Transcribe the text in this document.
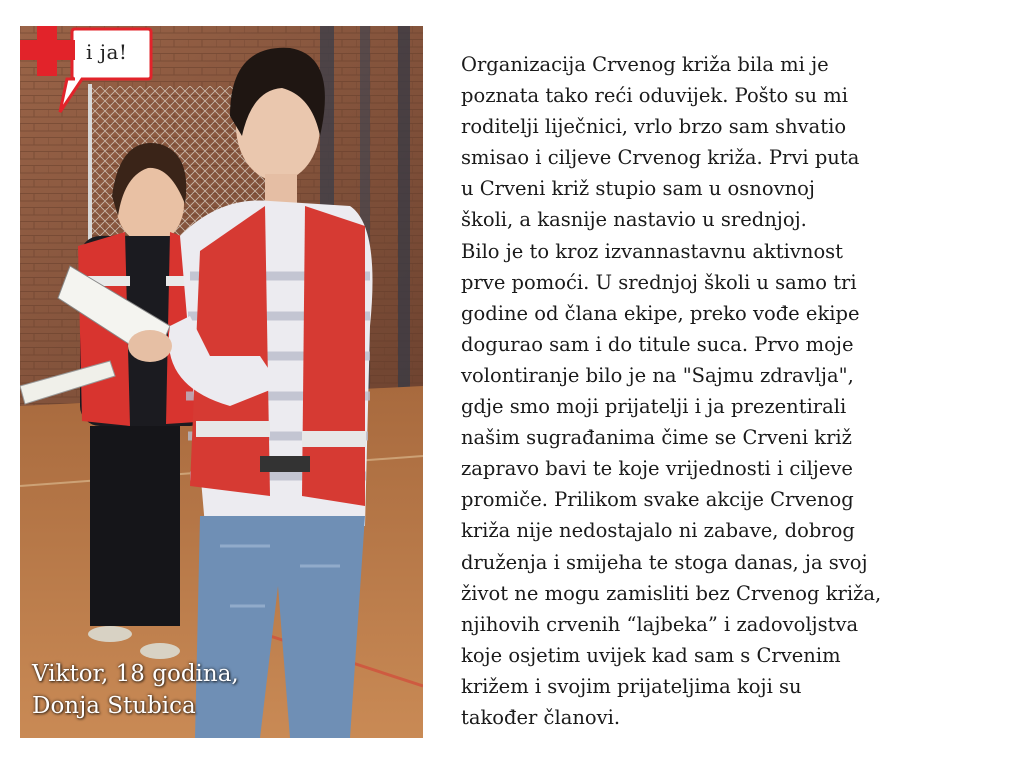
i ja!
Viktor, 18 godina,
Donja Stubica
Organizacija Crvenog križa bila mi je
poznata tako reći oduvijek. Pošto su mi
roditelji liječnici, vrlo brzo sam shvatio
smisao i ciljeve Crvenog križa. Prvi puta
u Crveni križ stupio sam u osnovnoj
školi, a kasnije nastavio u srednjoj.
Bilo je to kroz izvannastavnu aktivnost
prve pomoći. U srednjoj školi u samo tri
godine od člana ekipe, preko vođe ekipe
dogurao sam i do titule suca. Prvo moje
volontiranje bilo je na "Sajmu zdravlja",
gdje smo moji prijatelji i ja prezentirali
našim sugrađanima čime se Crveni križ
zapravo bavi te koje vrijednosti i ciljeve
promiče. Prilikom svake akcije Crvenog
križa nije nedostajalo ni zabave, dobrog
druženja i smijeha te stoga danas, ja svoj
život ne mogu zamisliti bez Crvenog križa,
njihovih crvenih “lajbeka” i zadovoljstva
koje osjetim uvijek kad sam s Crvenim
križem i svojim prijateljima koji su
također članovi.
